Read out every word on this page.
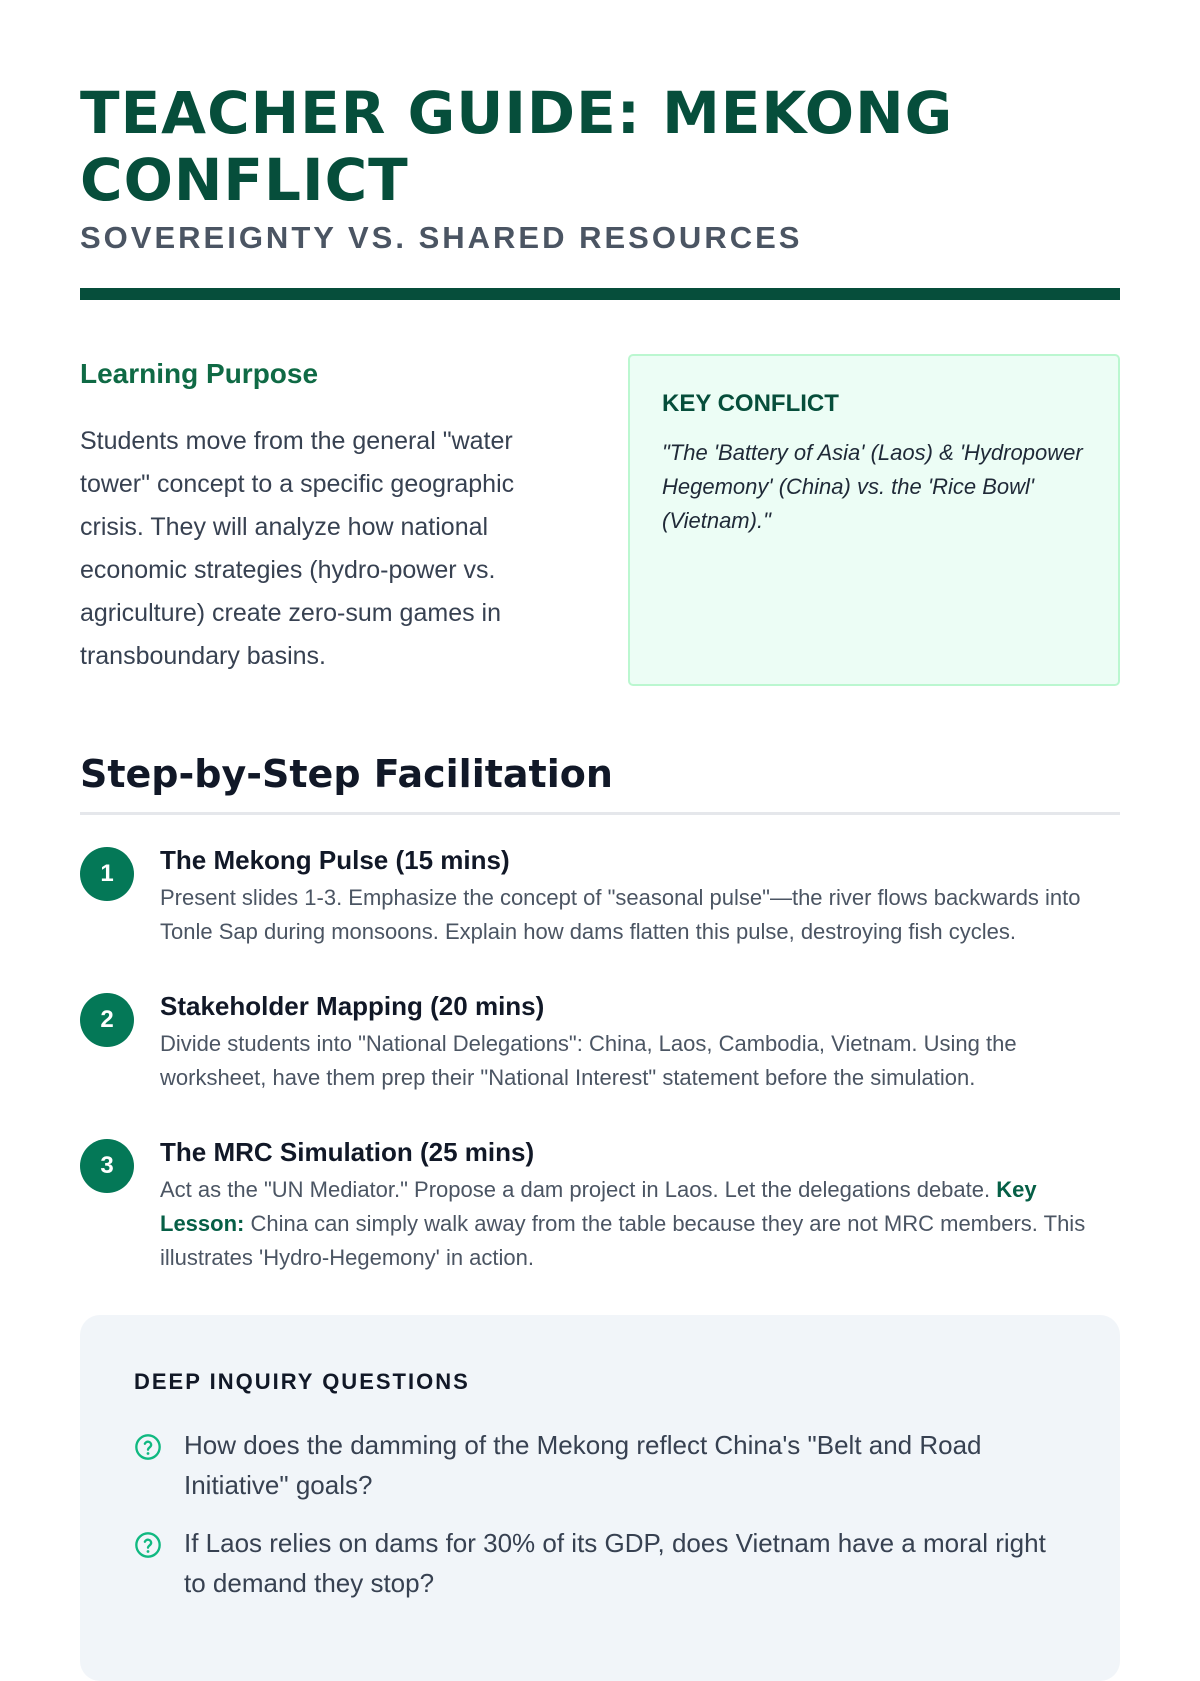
TEACHER GUIDE: MEKONG CONFLICT

SOVEREIGNTY VS. SHARED RESOURCES

Learning Purpose

Students move from the general "water tower" concept to a specific geographic crisis. They will analyze how national economic strategies (hydro-power vs. agriculture) create zero-sum games in transboundary basins.

KEY CONFLICT

"The 'Battery of Asia' (Laos) & 'Hydropower Hegemony' (China) vs. the 'Rice Bowl' (Vietnam)."

Step-by-Step Facilitation
1	The Mekong Pulse (15 mins)

Present slides 1-3. Emphasize the concept of "seasonal pulse"—the river flows backwards into Tonle Sap during monsoons. Explain how dams flatten this pulse, destroying fish cycles.

2	Stakeholder Mapping (20 mins)

Divide students into "National Delegations": China, Laos, Cambodia, Vietnam. Using the worksheet, have them prep their "National Interest" statement before the simulation.

3	The MRC Simulation (25 mins)

Act as the "UN Mediator." Propose a dam project in Laos. Let the delegations debate. Key Lesson: China can simply walk away from the table because they are not MRC members. This illustrates 'Hydro-Hegemony' in action.

DEEP INQUIRY QUESTIONS

How does the damming of the Mekong reflect China's "Belt and Road Initiative" goals?

If Laos relies on dams for 30% of its GDP, does Vietnam have a moral right to demand they stop?
